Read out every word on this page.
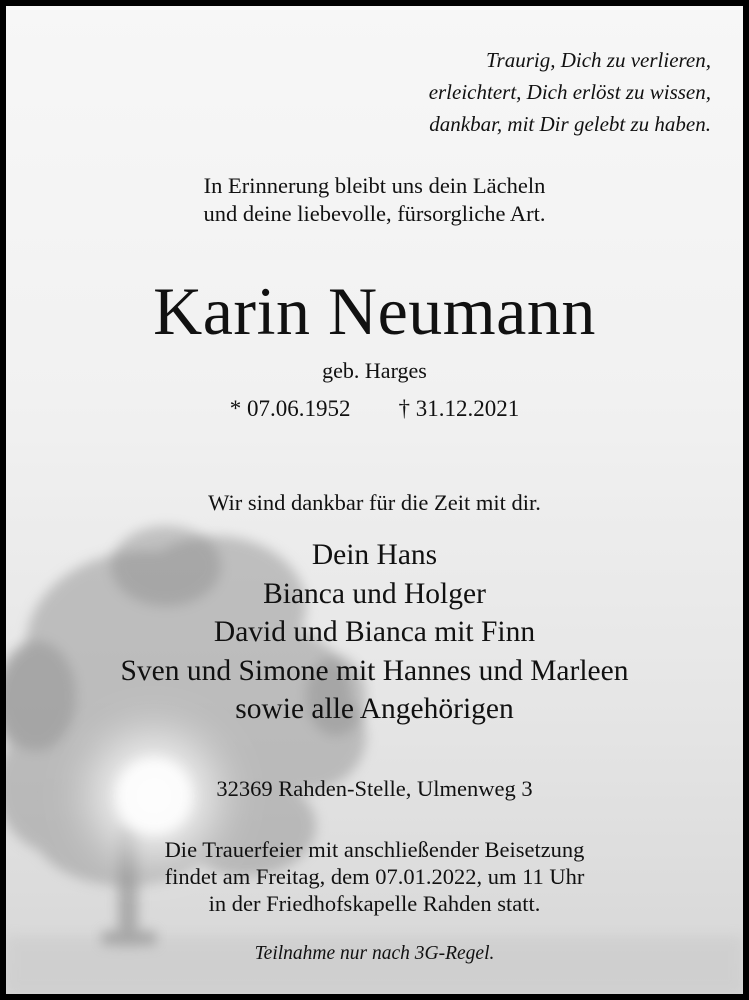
Traurig, Dich zu verlieren,
erleichtert, Dich erlöst zu wissen,
dankbar, mit Dir gelebt zu haben.
In Erinnerung bleibt uns dein Lächeln
und deine liebevolle, fürsorgliche Art.
Karin Neumann
geb. Harges
* 07.06.1952 † 31.12.2021
Wir sind dankbar für die Zeit mit dir.
Dein Hans
Bianca und Holger
David und Bianca mit Finn
Sven und Simone mit Hannes und Marleen
sowie alle Angehörigen
32369 Rahden-Stelle, Ulmenweg 3
Die Trauerfeier mit anschließender Beisetzung
findet am Freitag, dem 07.01.2022, um 11 Uhr
in der Friedhofskapelle Rahden statt.
Teilnahme nur nach 3G-Regel.
